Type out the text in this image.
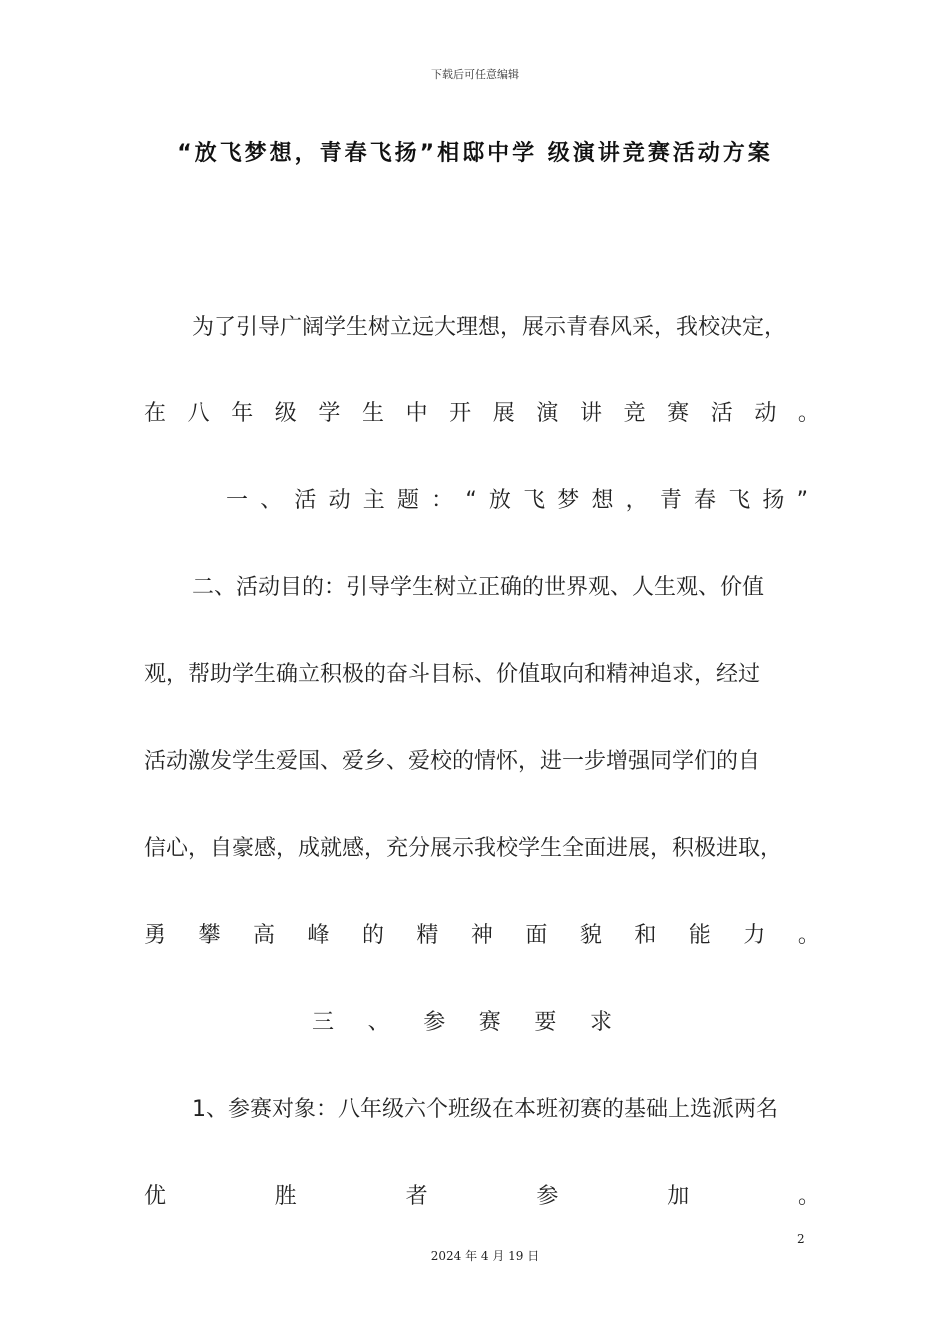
下载后可任意编辑
“放飞梦想，青春飞扬”相邸中学 级演讲竞赛活动方案
为了引导广阔学生树立远大理想，展示青春风采，我校决定，
在 八 年 级 学 生 中 开 展 演 讲 竞 赛 活 动 。
一 、 活 动 主 题 ： “ 放 飞 梦 想 ， 青 春 飞 扬 ”
二、活动目的：引导学生树立正确的世界观、人生观、价值
观，帮助学生确立积极的奋斗目标、价值取向和精神追求，经过
活动激发学生爱国、爱乡、爱校的情怀，进一步增强同学们的自
信心，自豪感，成就感，充分展示我校学生全面进展，积极进取，
勇 攀 高 峰 的 精 神 面 貌 和 能 力 。
三 、 参 赛 要 求
1、参赛对象：八年级六个班级在本班初赛的基础上选派两名
优	胜	者	参	加	。
2
2024 年 4 月 19 日
